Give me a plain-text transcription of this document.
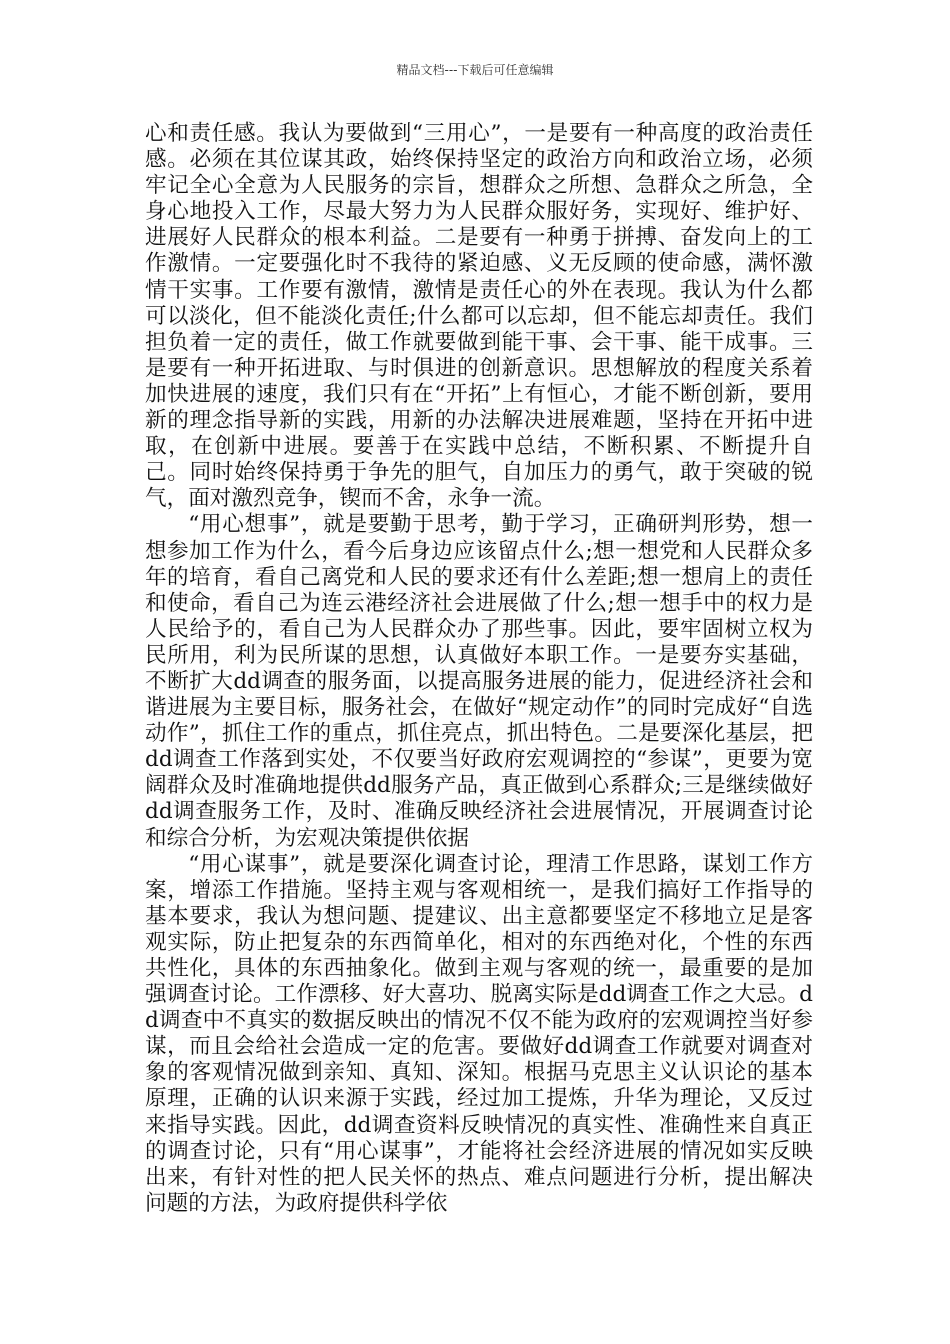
精品文档---下载后可任意编辑

心和责任感。我认为要做到“三用心”，一是要有一种高度的政治责任感。必须在其位谋其政，始终保持坚定的政治方向和政治立场，必须牢记全心全意为人民服务的宗旨，想群众之所想、急群众之所急，全身心地投入工作，尽最大努力为人民群众服好务，实现好、维护好、进展好人民群众的根本利益。二是要有一种勇于拼搏、奋发向上的工作激情。一定要强化时不我待的紧迫感、义无反顾的使命感，满怀激情干实事。工作要有激情，激情是责任心的外在表现。我认为什么都可以淡化，但不能淡化责任;什么都可以忘却，但不能忘却责任。我们担负着一定的责任，做工作就要做到能干事、会干事、能干成事。三是要有一种开拓进取、与时俱进的创新意识。思想解放的程度关系着加快进展的速度，我们只有在“开拓”上有恒心，才能不断创新，要用新的理念指导新的实践，用新的办法解决进展难题，坚持在开拓中进取，在创新中进展。要善于在实践中总结，不断积累、不断提升自己。同时始终保持勇于争先的胆气，自加压力的勇气，敢于突破的锐气，面对激烈竞争，锲而不舍，永争一流。

“用心想事”，就是要勤于思考，勤于学习，正确研判形势，想一想参加工作为什么，看今后身边应该留点什么;想一想党和人民群众多年的培育，看自己离党和人民的要求还有什么差距;想一想肩上的责任和使命，看自己为连云港经济社会进展做了什么;想一想手中的权力是人民给予的，看自己为人民群众办了那些事。因此，要牢固树立权为民所用，利为民所谋的思想，认真做好本职工作。一是要夯实基础，不断扩大dd调查的服务面，以提高服务进展的能力，促进经济社会和谐进展为主要目标，服务社会，在做好“规定动作”的同时完成好“自选动作”，抓住工作的重点，抓住亮点，抓出特色。二是要深化基层，把dd调查工作落到实处，不仅要当好政府宏观调控的“参谋”，更要为宽阔群众及时准确地提供dd服务产品，真正做到心系群众;三是继续做好dd调查服务工作，及时、准确反映经济社会进展情况，开展调查讨论和综合分析，为宏观决策提供依据

“用心谋事”，就是要深化调查讨论，理清工作思路，谋划工作方案，增添工作措施。坚持主观与客观相统一，是我们搞好工作指导的基本要求，我认为想问题、提建议、出主意都要坚定不移地立足是客观实际，防止把复杂的东西简单化，相对的东西绝对化，个性的东西共性化，具体的东西抽象化。做到主观与客观的统一，最重要的是加强调查讨论。工作漂移、好大喜功、脱离实际是dd调查工作之大忌。dd调查中不真实的数据反映出的情况不仅不能为政府的宏观调控当好参谋，而且会给社会造成一定的危害。要做好dd调查工作就要对调查对象的客观情况做到亲知、真知、深知。根据马克思主义认识论的基本原理，正确的认识来源于实践，经过加工提炼，升华为理论，又反过来指导实践。因此，dd调查资料反映情况的真实性、准确性来自真正的调查讨论，只有“用心谋事”，才能将社会经济进展的情况如实反映出来，有针对性的把人民关怀的热点、难点问题进行分析，提出解决问题的方法，为政府提供科学依
